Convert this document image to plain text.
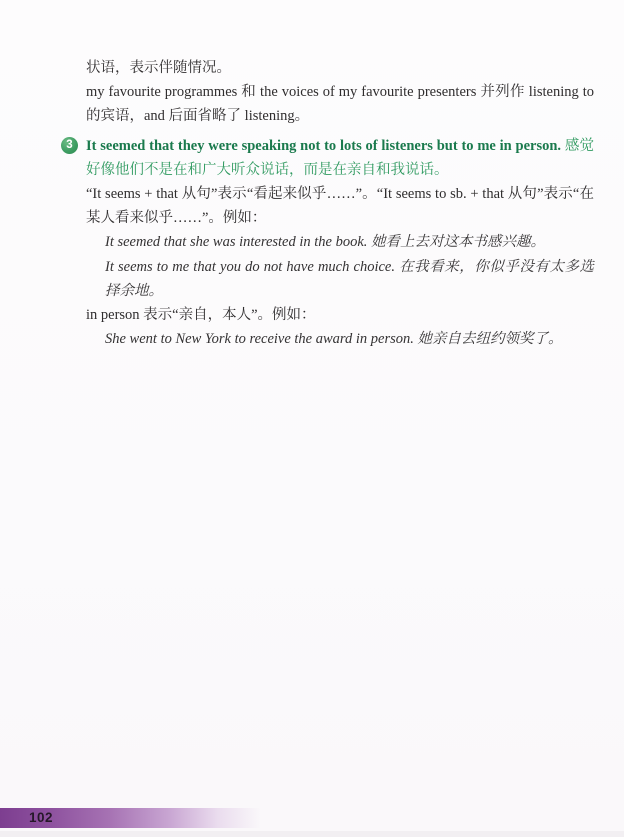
状语，表示伴随情况。

my favourite programmes 和 the voices of my favourite presenters 并列作 listening to 的宾语，and 后面省略了 listening。

3 It seemed that they were speaking not to lots of listeners but to me in person. 感觉好像他们不是在和广大听众说话，而是在亲自和我说话。

“It seems + that 从句”表示“看起来似乎……”。“It seems to sb. + that 从句”表示“在某人看来似乎……”。例如：

It seemed that she was interested in the book. 她看上去对这本书感兴趣。

It seems to me that you do not have much choice. 在我看来，你似乎没有太多选择余地。

in person 表示“亲自，本人”。例如：

She went to New York to receive the award in person. 她亲自去纽约领奖了。

102
